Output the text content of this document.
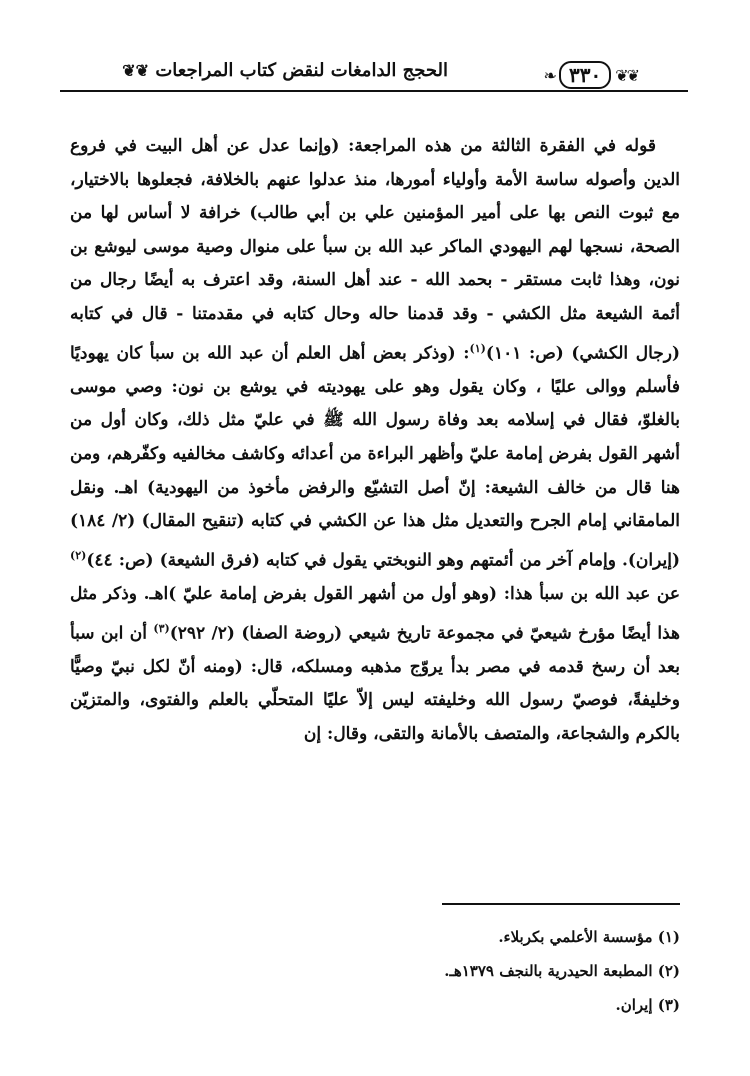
❦❦
٣٣٠
❧
الحجج الدامغات لنقض كتاب المراجعات ❦❦

قوله في الفقرة الثالثة من هذه المراجعة: (وإنما عدل عن أهل البيت في فروع الدين وأصوله ساسة الأمة وأولياء أمورها، منذ عدلوا عنهم بالخلافة، فجعلوها بالاختيار، مع ثبوت النص بها على أمير المؤمنين علي بن أبي طالب) خرافة لا أساس لها من الصحة، نسجها لهم اليهودي الماكر عبد الله بن سبأ على منوال وصية موسى ليوشع بن نون، وهذا ثابت مستقر - بحمد الله - عند أهل السنة، وقد اعترف به أيضًا رجال من أئمة الشيعة مثل الكشي - وقد قدمنا حاله وحال كتابه في مقدمتنا - قال في كتابه (رجال الكشي) (ص: ١٠١)$^{(١)}$: (وذكر بعض أهل العلم أن عبد الله بن سبأ كان يهوديًا فأسلم ووالى عليًا ، وكان يقول وهو على يهوديته في يوشع بن نون: وصي موسى بالغلوّ، فقال في إسلامه بعد وفاة رسول الله ﷺ في عليّ مثل ذلك، وكان أول من أشهر القول بفرض إمامة عليّ وأظهر البراءة من أعدائه وكاشف مخالفيه وكفّرهم، ومن هنا قال من خالف الشيعة: إنّ أصل التشيّع والرفض مأخوذ من اليهودية) اهـ. ونقل المامقاني إمام الجرح والتعديل مثل هذا عن الكشي في كتابه (تنقيح المقال) (٢/ ١٨٤) (إيران). وإمام آخر من أئمتهم وهو النوبختي يقول في كتابه (فرق الشيعة) (ص: ٤٤)$^{(٢)}$ عن عبد الله بن سبأ هذا: (وهو أول من أشهر القول بفرض إمامة عليّ )اهـ. وذكر مثل هذا أيضًا مؤرخ شيعيّ في مجموعة تاريخ شيعي (روضة الصفا) (٢/ ٢٩٢)$^{(٣)}$ أن ابن سبأ بعد أن رسخ قدمه في مصر بدأ يروّج مذهبه ومسلكه، قال: (ومنه أنّ لكل نبيّ وصيًّا وخليفةً، فوصيّ رسول الله وخليفته ليس إلاّ عليًا المتحلّي بالعلم والفتوى، والمتزيّن بالكرم والشجاعة، والمتصف بالأمانة والتقى، وقال: إن

(١) مؤسسة الأعلمي بكربلاء.
(٢) المطبعة الحيدرية بالنجف ١٣٧٩هـ.
(٣) إيران.
